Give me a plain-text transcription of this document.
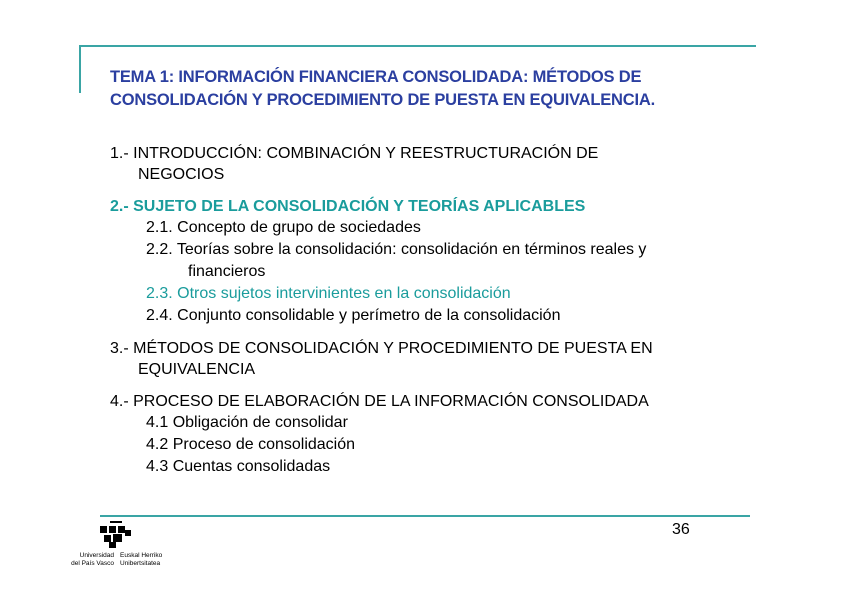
TEMA 1: INFORMACIÓN FINANCIERA CONSOLIDADA: MÉTODOS DE
CONSOLIDACIÓN Y PROCEDIMIENTO DE PUESTA EN EQUIVALENCIA.
1.- INTRODUCCIÓN: COMBINACIÓN Y REESTRUCTURACIÓN DE
NEGOCIOS
2.- SUJETO DE LA CONSOLIDACIÓN Y TEORÍAS APLICABLES
2.1. Concepto de grupo de sociedades
2.2. Teorías sobre la consolidación: consolidación en términos reales y
financieros
2.3. Otros sujetos intervinientes en la consolidación
2.4. Conjunto consolidable y perímetro de la consolidación
3.- MÉTODOS DE CONSOLIDACIÓN Y PROCEDIMIENTO DE PUESTA EN
EQUIVALENCIA
4.- PROCESO DE ELABORACIÓN DE LA INFORMACIÓN CONSOLIDADA
4.1 Obligación de consolidar
4.2 Proceso de consolidación
4.3 Cuentas consolidadas
36
Universidad
del País Vasco
Euskal Herriko
Unibertsitatea
